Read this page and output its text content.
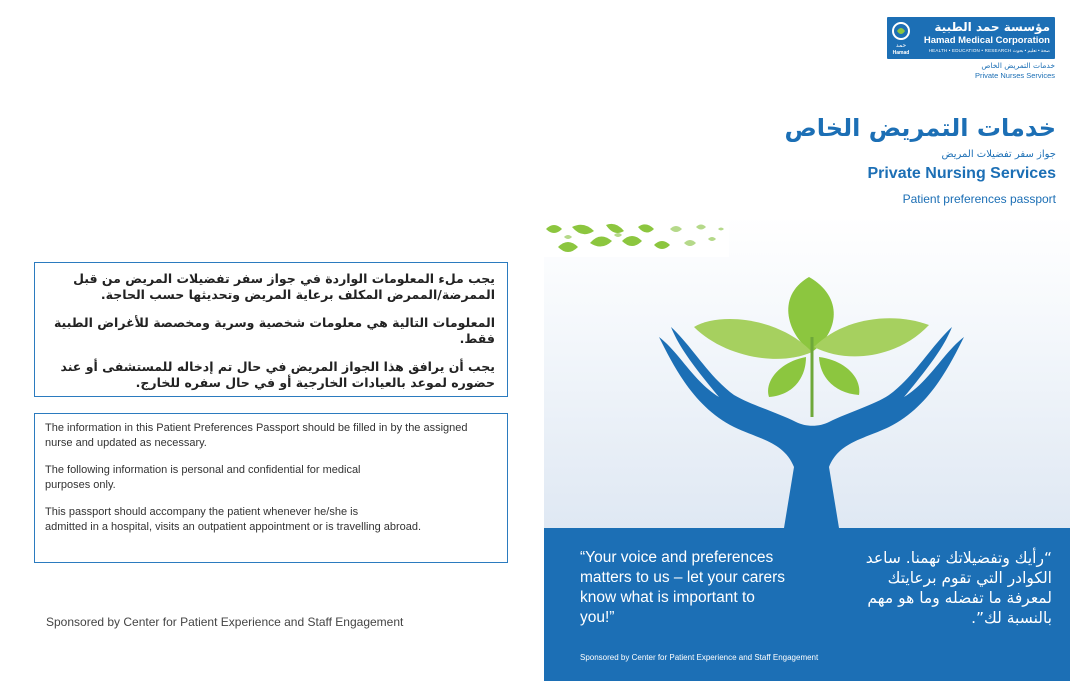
يجب ملء المعلومات الواردة في جواز سفر تفضيلات المريض من قبل الممرضة/الممرض المكلف برعاية المريض وتحديثها حسب الحاجة.

المعلومات التالية هي معلومات شخصية وسرية ومخصصة للأغراض الطبية فقط.

يجب أن يرافق هذا الجواز المريض في حال تم إدخاله للمستشفى أو عند حضوره لموعد بالعيادات الخارجية أو في حال سفره للخارج.

The information in this Patient Preferences Passport should be filled in by the assigned
nurse and updated as necessary.

The following information is personal and confidential for medical
purposes only.

This passport should accompany the patient whenever he/she is
admitted in a hospital, visits an outpatient appointment or is travelling abroad.

Sponsored by Center for Patient Experience and Staff Engagement
حمد
Hamad
مؤسسة حمد الطبية
Hamad Medical Corporation
HEALTH • EDUCATION • RESEARCH صحة • تعليم • بحوث
خدمات التمريض الخاص
Private Nurses Services
خدمات التمريض الخاص
جواز سفر تفضيلات المريض
Private Nursing Services
Patient preferences passport
“Your voice and preferences
matters to us – let your carers
know what is important to
you!”
“رأيك وتفضيلاتك تهمنا. ساعد
الكوادر التي تقوم برعايتك
لمعرفة ما تفضله وما هو مهم
بالنسبة لك”.
Sponsored by Center for Patient Experience and Staff Engagement
